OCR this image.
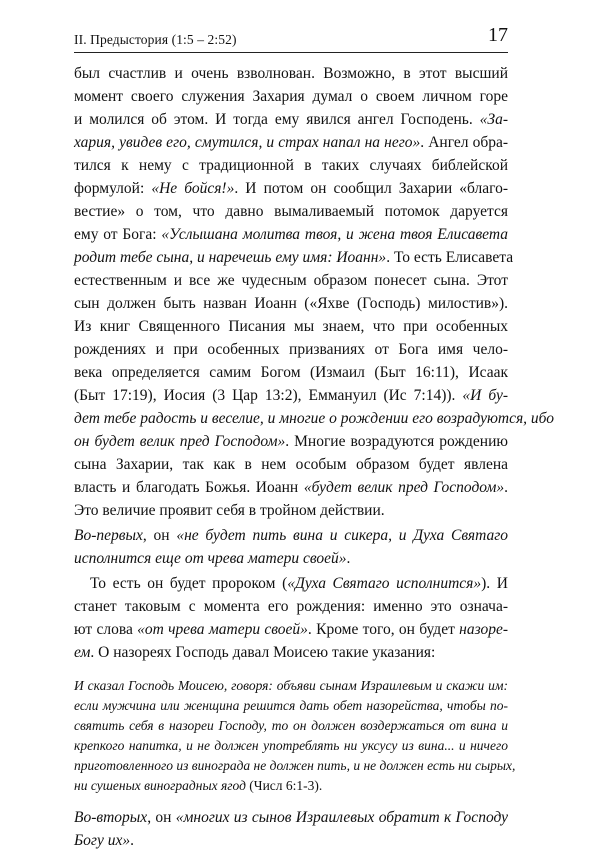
II. Предыстория (1:5 – 2:52)	17
был счастлив и очень взволнован. Возможно, в этот высший
момент своего служения Захария думал о своем личном горе
и молился об этом. И тогда ему явился ангел Господень. «За-
хария, увидев его, смутился, и страх напал на него». Ангел обра-
тился к нему с традиционной в таких случаях библейской
формулой: «Не бойся!». И потом он сообщил Захарии «благо-
вестие» о том, что давно вымаливаемый потомок даруется
ему от Бога: «Услышана молитва твоя, и жена твоя Елисавета
родит тебе сына, и наречешь ему имя: Иоанн». То есть Елисавета
естественным и все же чудесным образом понесет сына. Этот
сын должен быть назван Иоанн («Яхве (Господь) милостив»).
Из книг Священного Писания мы знаем, что при особенных
рождениях и при особенных призваниях от Бога имя чело-
века определяется самим Богом (Измаил (Быт 16:11), Исаак
(Быт 17:19), Иосия (3 Цар 13:2), Еммануил (Ис 7:14)). «И бу-
дет тебе радость и веселие, и многие о рождении его возрадуются, ибо
он будет велик пред Господом». Многие возрадуются рождению
сына Захарии, так как в нем особым образом будет явлена
власть и благодать Божья. Иоанн «будет велик пред Господом».
Это величие проявит себя в тройном действии.
Во-первых, он «не будет пить вина и сикера, и Духа Святаго
исполнится еще от чрева матери своей».
То есть он будет пророком («Духа Святаго исполнится»). И
станет таковым с момента его рождения: именно это означа-
ют слова «от чрева матери своей». Кроме того, он будет назоре-
ем. О назореях Господь давал Моисею такие указания:
И сказал Господь Моисею, говоря: объяви сынам Израилевым и скажи им:
если мужчина или женщина решится дать обет назорейства, чтобы по-
святить себя в назореи Господу, то он должен воздержаться от вина и
крепкого напитка, и не должен употреблять ни уксусу из вина... и ничего
приготовленного из винограда не должен пить, и не должен есть ни сырых,
ни сушеных виноградных ягод (Числ 6:1-3).
Во-вторых, он «многих из сынов Израилевых обратит к Господу
Богу их».
